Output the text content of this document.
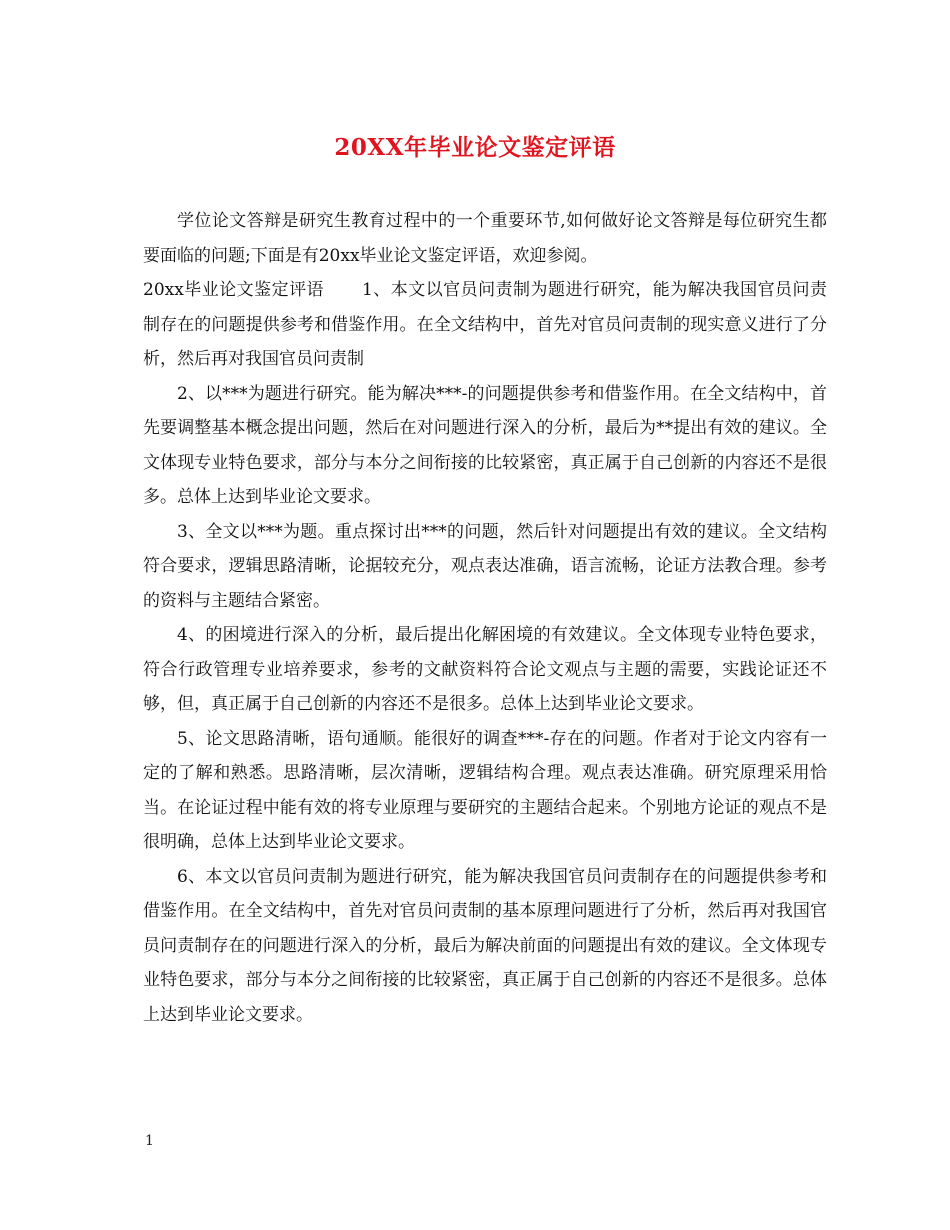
20XX年毕业论文鉴定评语

学位论文答辩是研究生教育过程中的一个重要环节,如何做好论文答辩是每位研究生都要面临的问题;下面是有20xx毕业论文鉴定评语，欢迎参阅。

20xx毕业论文鉴定评语 1、本文以官员问责制为题进行研究，能为解决我国官员问责制存在的问题提供参考和借鉴作用。在全文结构中，首先对官员问责制的现实意义进行了分析，然后再对我国官员问责制

2、以***为题进行研究。能为解决***-的问题提供参考和借鉴作用。在全文结构中，首先要调整基本概念提出问题，然后在对问题进行深入的分析，最后为**提出有效的建议。全文体现专业特色要求，部分与本分之间衔接的比较紧密，真正属于自己创新的内容还不是很多。总体上达到毕业论文要求。

3、全文以***为题。重点探讨出***的问题，然后针对问题提出有效的建议。全文结构符合要求，逻辑思路清晰，论据较充分，观点表达准确，语言流畅，论证方法教合理。参考的资料与主题结合紧密。

4、的困境进行深入的分析，最后提出化解困境的有效建议。全文体现专业特色要求，符合行政管理专业培养要求，参考的文献资料符合论文观点与主题的需要，实践论证还不够，但，真正属于自己创新的内容还不是很多。总体上达到毕业论文要求。

5、论文思路清晰，语句通顺。能很好的调查***-存在的问题。作者对于论文内容有一定的了解和熟悉。思路清晰，层次清晰，逻辑结构合理。观点表达准确。研究原理采用恰当。在论证过程中能有效的将专业原理与要研究的主题结合起来。个别地方论证的观点不是很明确，总体上达到毕业论文要求。

6、本文以官员问责制为题进行研究，能为解决我国官员问责制存在的问题提供参考和借鉴作用。在全文结构中，首先对官员问责制的基本原理问题进行了分析，然后再对我国官员问责制存在的问题进行深入的分析，最后为解决前面的问题提出有效的建议。全文体现专业特色要求，部分与本分之间衔接的比较紧密，真正属于自己创新的内容还不是很多。总体上达到毕业论文要求。

1
